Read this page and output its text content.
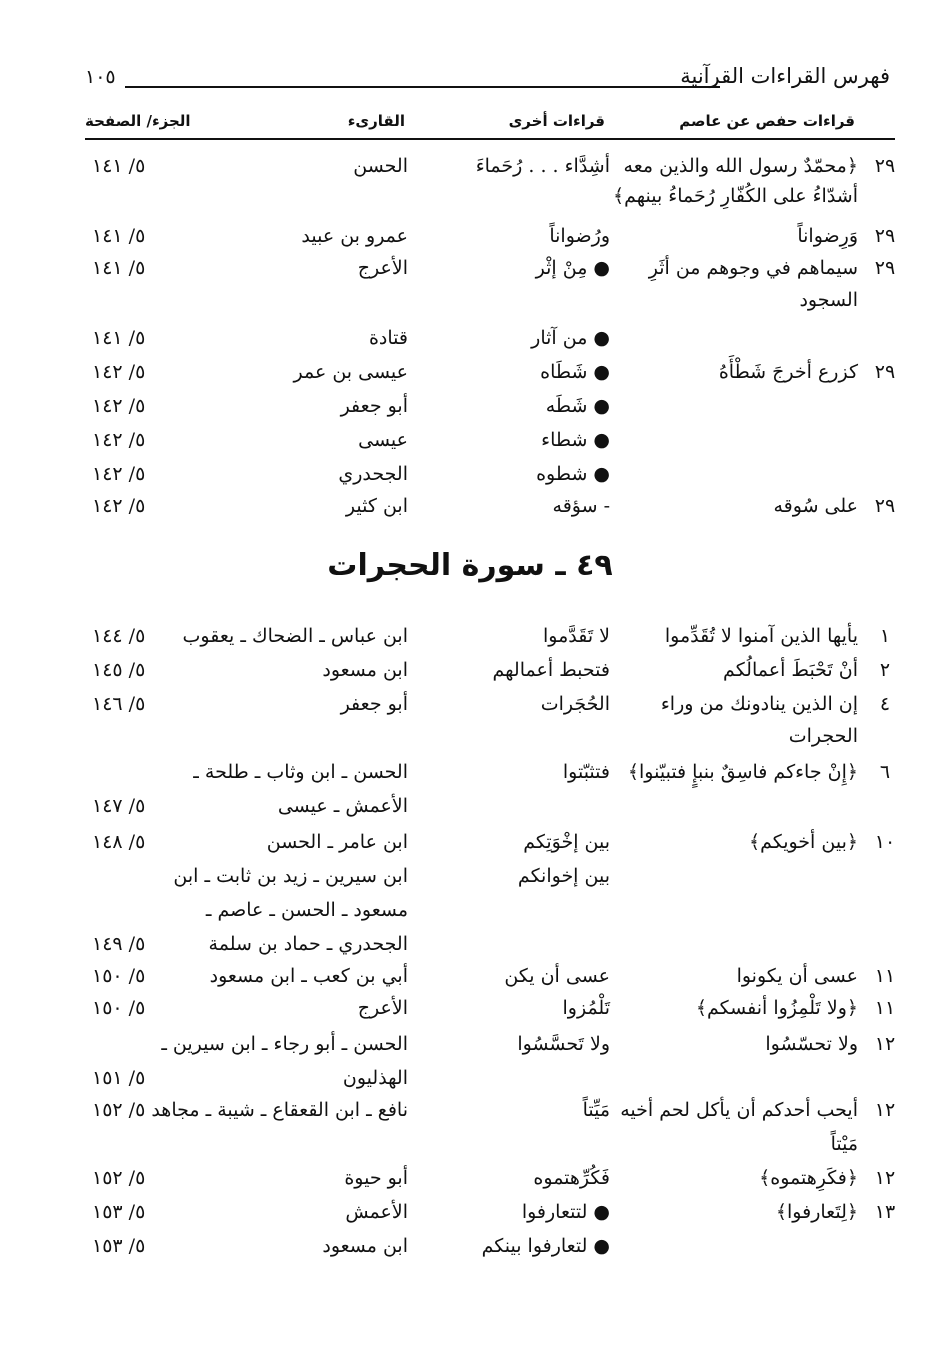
فهرس القراءات القرآنية
١٠٥
قراءات حفص عن عاصم
قراءات أخرى
القارىء
الجزء/ الصفحة
٢٩
﴿محمّدٌ رسول الله والذين معه
أشِدَّاء . . . رُحَماءَ
الحسن
٥/ ١٤١
أشدّاءُ على الكُفّارِ رُحَماءُ بينهم﴾
٢٩
وَرِضواناً
ورُضواناً
عمرو بن عبيد
٥/ ١٤١
٢٩
سيماهم في وجوهم من أثَرِ
● مِنْ إثْر
الأعرج
٥/ ١٤١
السجود
● من آثار
قتادة
٥/ ١٤١
٢٩
كزرع أخرجَ شَطْأَهُ
● شَطَاه
عيسى بن عمر
٥/ ١٤٢
● شَطَه
أبو جعفر
٥/ ١٤٢
● شطاء
عيسى
٥/ ١٤٢
● شطوه
الجحدري
٥/ ١٤٢
٢٩
على سُوقه
- سؤقه
ابن كثير
٥/ ١٤٢
٤٩ ـ سورة الحجرات
١
يأيها الذين آمنوا لا تُقَدِّموا
لا تَقَدَّموا
ابن عباس ـ الضحاك ـ يعقوب
٥/ ١٤٤
٢
أنْ تَحْبَطَ أعمالُكم
فتحبط أعمالهم
ابن مسعود
٥/ ١٤٥
٤
إن الذين ينادونك من وراء
الحُجَرات
أبو جعفر
٥/ ١٤٦
الحجرات
٦
﴿إِنْ جاءكم فاسِقٌ بنبإٍ فتبيّنوا﴾
فتثبّتوا
الحسن ـ ابن وثاب ـ طلحة ـ
الأعمش ـ عيسى
٥/ ١٤٧
١٠
﴿بين أخويكم﴾
بين إخْوَتِكم
ابن عامر ـ الحسن
٥/ ١٤٨
بين إخوانكم
ابن سيرين ـ زيد بن ثابت ـ ابن
مسعود ـ الحسن ـ عاصم ـ
الجحدري ـ حماد بن سلمة
٥/ ١٤٩
١١
عسى أن يكونوا
عسى أن يكن
أبي بن كعب ـ ابن مسعود
٥/ ١٥٠
١١
﴿ولا تَلْمِزُوا أنفسكم﴾
تَلْمُزوا
الأعرج
٥/ ١٥٠
١٢
ولا تحسّسُوا
ولا تَحسَّسُوا
الحسن ـ أبو رجاء ـ ابن سيرين ـ
الهذليون
٥/ ١٥١
١٢
أيحب أحدكم أن يأكل لحم أخيه
مَيِّتاً
نافع ـ ابن القعقاع ـ شيبة ـ مجاهد
٥/ ١٥٢
مَيْتاً
١٢
﴿فكَرِهتموه﴾
فَكُرِّهتموه
أبو حيوة
٥/ ١٥٢
١٣
﴿لِتَعارفوا﴾
● لتتعارفوا
الأعمش
٥/ ١٥٣
● لتعارفوا بينكم
ابن مسعود
٥/ ١٥٣
